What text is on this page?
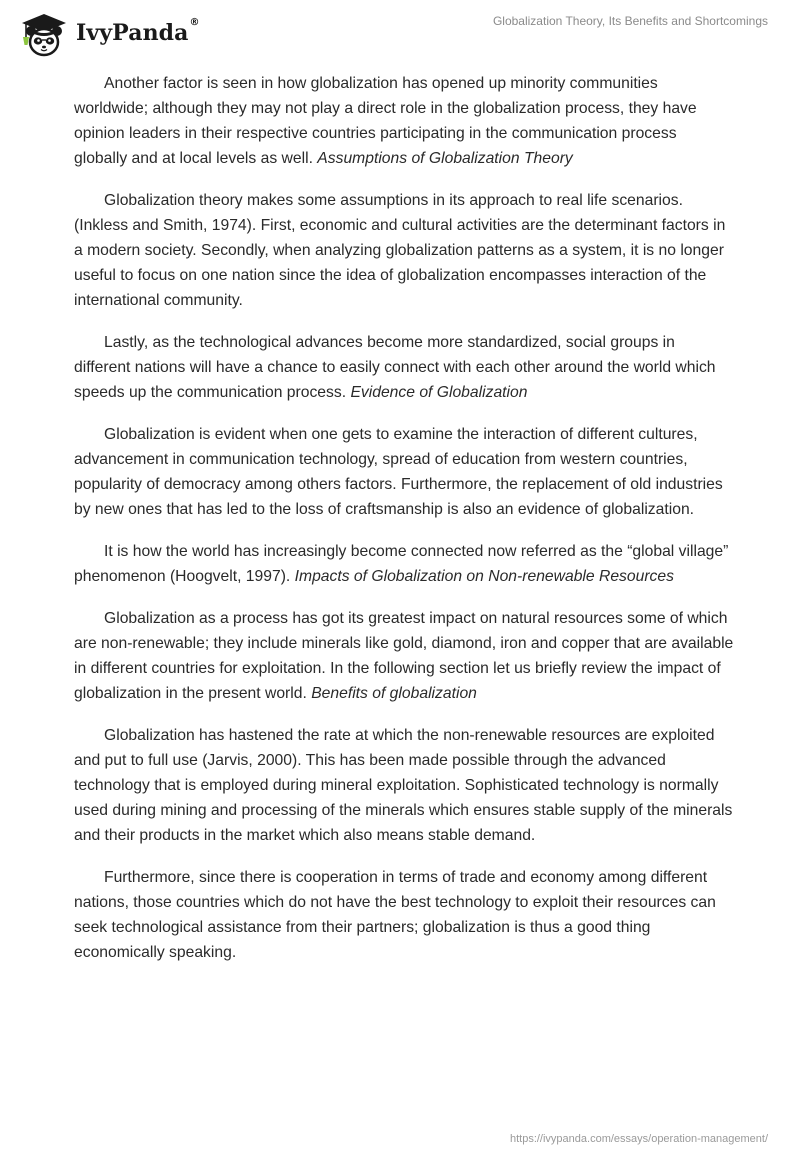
IvyPanda®	Globalization Theory, Its Benefits and Shortcomings

Another factor is seen in how globalization has opened up minority communities worldwide; although they may not play a direct role in the globalization process, they have opinion leaders in their respective countries participating in the communication process globally and at local levels as well. Assumptions of Globalization Theory

Globalization theory makes some assumptions in its approach to real life scenarios. (Inkless and Smith, 1974). First, economic and cultural activities are the determinant factors in a modern society. Secondly, when analyzing globalization patterns as a system, it is no longer useful to focus on one nation since the idea of globalization encompasses interaction of the international community.

Lastly, as the technological advances become more standardized, social groups in different nations will have a chance to easily connect with each other around the world which speeds up the communication process. Evidence of Globalization

Globalization is evident when one gets to examine the interaction of different cultures, advancement in communication technology, spread of education from western countries, popularity of democracy among others factors. Furthermore, the replacement of old industries by new ones that has led to the loss of craftsmanship is also an evidence of globalization.

It is how the world has increasingly become connected now referred as the “global village” phenomenon (Hoogvelt, 1997). Impacts of Globalization on Non-renewable Resources

Globalization as a process has got its greatest impact on natural resources some of which are non-renewable; they include minerals like gold, diamond, iron and copper that are available in different countries for exploitation. In the following section let us briefly review the impact of globalization in the present world. Benefits of globalization

Globalization has hastened the rate at which the non-renewable resources are exploited and put to full use (Jarvis, 2000). This has been made possible through the advanced technology that is employed during mineral exploitation. Sophisticated technology is normally used during mining and processing of the minerals which ensures stable supply of the minerals and their products in the market which also means stable demand.

Furthermore, since there is cooperation in terms of trade and economy among different nations, those countries which do not have the best technology to exploit their resources can seek technological assistance from their partners; globalization is thus a good thing economically speaking.

https://ivypanda.com/essays/operation-management/
